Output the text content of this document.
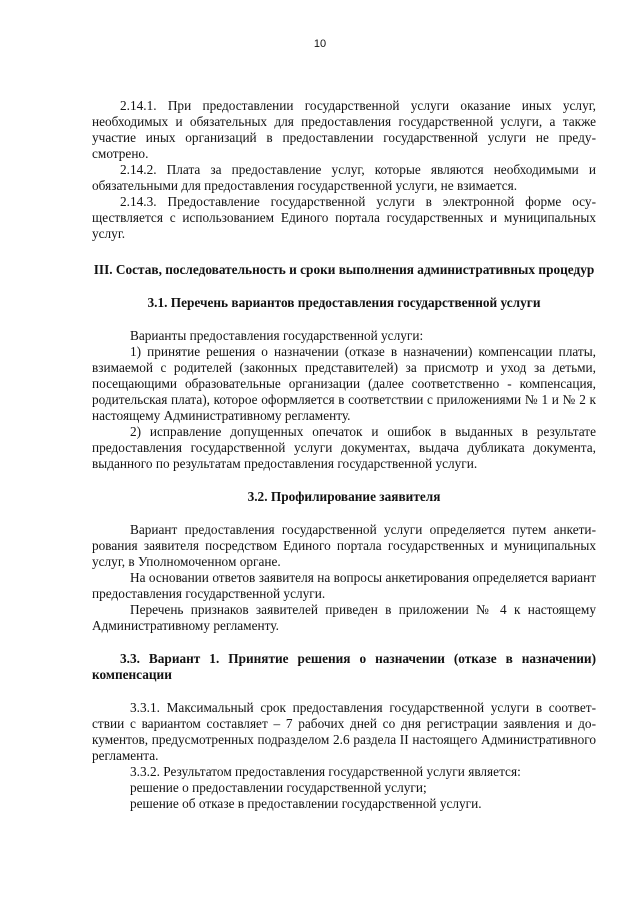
10

2.14.1. При предоставлении государственной услуги оказание иных услуг, необходимых и обязательных для предоставления государственной услуги, а также участие иных организаций в предоставлении государственной услуги не предусмотрено.

2.14.2. Плата за предоставление услуг, которые являются необходимыми и обязательными для предоставления государственной услуги, не взимается.

2.14.3. Предоставление государственной услуги в электронной форме осуществляется с использованием Единого портала государственных и муниципальных услуг.

III. Состав, последовательность и сроки выполнения административных процедур

3.1. Перечень вариантов предоставления государственной услуги

Варианты предоставления государственной услуги:

1) принятие решения о назначении (отказе в назначении) компенсации платы, взимаемой с родителей (законных представителей) за присмотр и уход за детьми, посещающими образовательные организации (далее соответственно - компенсация, родительская плата), которое оформляется в соответствии с приложениями № 1 и № 2 к настоящему Административному регламенту.

2) исправление допущенных опечаток и ошибок в выданных в результате предоставления государственной услуги документах, выдача дубликата документа, выданного по результатам предоставления государственной услуги.

3.2. Профилирование заявителя

Вариант предоставления государственной услуги определяется путем анкетирования заявителя посредством Единого портала государственных и муниципальных услуг, в Уполномоченном органе.

На основании ответов заявителя на вопросы анкетирования определяется вариант предоставления государственной услуги.

Перечень признаков заявителей приведен в приложении № 4 к настоящему Административному регламенту.

3.3. Вариант 1. Принятие решения о назначении (отказе в назначении) компенсации

3.3.1. Максимальный срок предоставления государственной услуги в соответствии с вариантом составляет – 7 рабочих дней со дня регистрации заявления и документов, предусмотренных подразделом 2.6 раздела II настоящего Административного регламента.

3.3.2. Результатом предоставления государственной услуги является:

решение о предоставлении государственной услуги;

решение об отказе в предоставлении государственной услуги.
